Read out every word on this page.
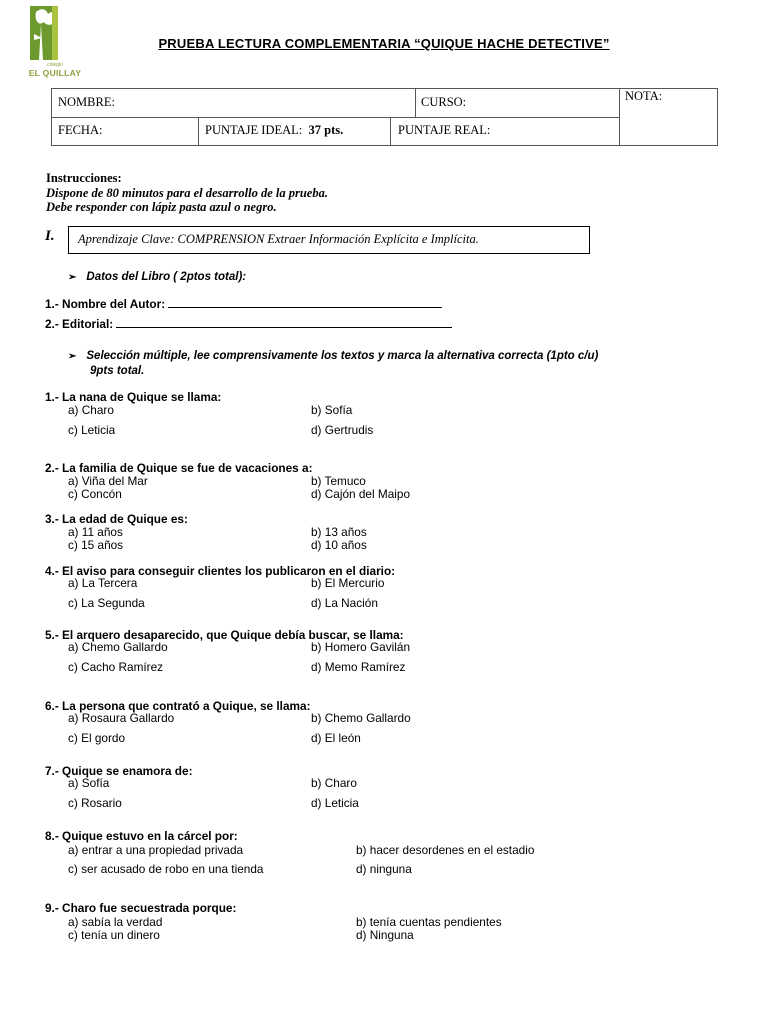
colegio
EL QUILLAY
PRUEBA LECTURA COMPLEMENTARIA “QUIQUE HACHE DETECTIVE”
NOMBRE:	CURSO:	NOTA:
FECHA:	PUNTAJE IDEAL: 37 pts.	PUNTAJE REAL:
Instrucciones:
Dispone de 80 minutos para el desarrollo de la prueba.
Debe responder con lápiz pasta azul o negro.
I. Aprendizaje Clave: COMPRENSION Extraer Información Explícita e Implícita.
➢ Datos del Libro ( 2ptos total):
1.- Nombre del Autor:
2.- Editorial:
➢ Selección múltiple, lee comprensivamente los textos y marca la alternativa correcta (1pto c/u)
9pts total.
1.- La nana de Quique se llama:
a) Charo	b) Sofía
c) Leticia	d) Gertrudis
2.- La familia de Quique se fue de vacaciones a:
a) Viña del Mar	b) Temuco
c) Concón	d) Cajón del Maipo
3.- La edad de Quique es:
a) 11 años	b) 13 años
c) 15 años	d) 10 años
4.- El aviso para conseguir clientes los publicaron en el diario:
a) La Tercera	b) El Mercurio
c) La Segunda	d) La Nación
5.- El arquero desaparecido, que Quique debía buscar, se llama:
a) Chemo Gallardo	b) Homero Gavilán
c) Cacho Ramírez	d) Memo Ramírez
6.- La persona que contrató a Quique, se llama:
a) Rosaura Gallardo	b) Chemo Gallardo
c) El gordo	d) El león
7.- Quique se enamora de:
a) Sofía	b) Charo
c) Rosario	d) Leticia
8.- Quique estuvo en la cárcel por:
a) entrar a una propiedad privada	b) hacer desordenes en el estadio
c) ser acusado de robo en una tienda	d) ninguna
9.- Charo fue secuestrada porque:
a) sabía la verdad	b) tenía cuentas pendientes
c) tenía un dinero	d) Ninguna
